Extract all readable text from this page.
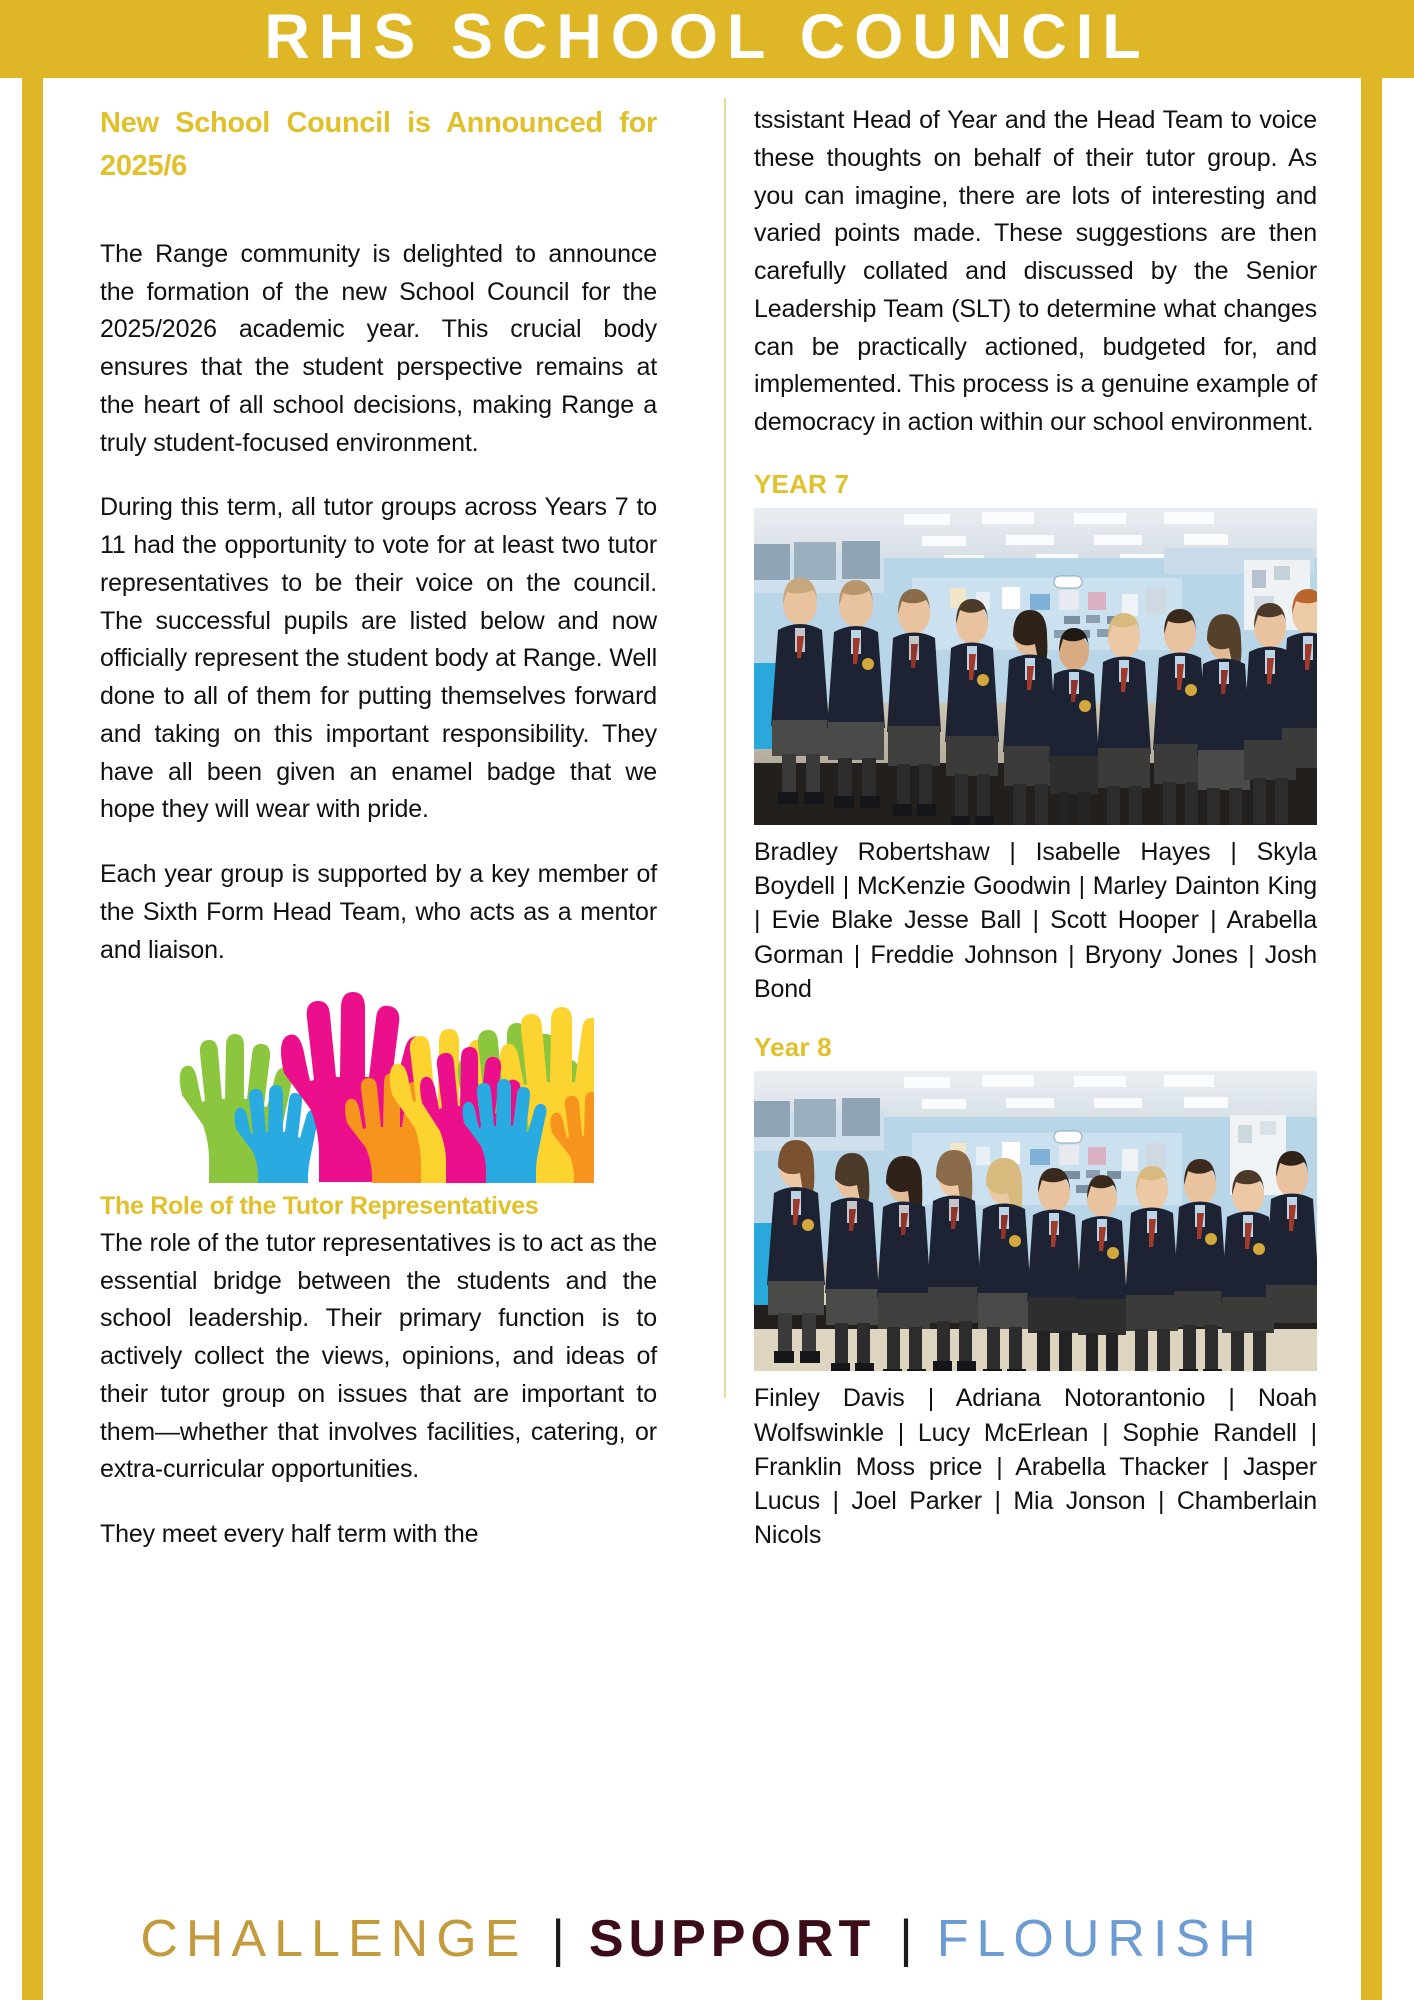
RHS SCHOOL COUNCIL
New School Council is Announced for 2025/6

The Range community is delighted to announce the formation of the new School Council for the 2025/2026 academic year. This crucial body ensures that the student perspective remains at the heart of all school decisions, making Range a truly student-focused environment.

During this term, all tutor groups across Years 7 to 11 had the opportunity to vote for at least two tutor representatives to be their voice on the council. The successful pupils are listed below and now officially represent the student body at Range. Well done to all of them for putting themselves forward and taking on this important responsibility. They have all been given an enamel badge that we hope they will wear with pride.

Each year group is supported by a key member of the Sixth Form Head Team, who acts as a mentor and liaison.

The Role of the Tutor Representatives

The role of the tutor representatives is to act as the essential bridge between the students and the school leadership. Their primary function is to actively collect the views, opinions, and ideas of their tutor group on issues that are important to them—whether that involves facilities, catering, or extra-curricular opportunities.

They meet every half term with the

tssistant Head of Year and the Head Team to voice these thoughts on behalf of their tutor group. As you can imagine, there are lots of interesting and varied points made. These suggestions are then carefully collated and discussed by the Senior Leadership Team (SLT) to determine what changes can be practically actioned, budgeted for, and implemented. This process is a genuine example of democracy in action within our school environment.

YEAR 7

Bradley Robertshaw | Isabelle Hayes | Skyla Boydell | McKenzie Goodwin | Marley Dainton King | Evie Blake Jesse Ball | Scott Hooper | Arabella Gorman | Freddie Johnson | Bryony Jones | Josh Bond

Year 8

Finley Davis | Adriana Notorantonio | Noah Wolfswinkle | Lucy McErlean | Sophie Randell | Franklin Moss price | Arabella Thacker | Jasper Lucus | Joel Parker | Mia Jonson | Chamberlain Nicols

CHALLENGE | SUPPORT | FLOURISH
